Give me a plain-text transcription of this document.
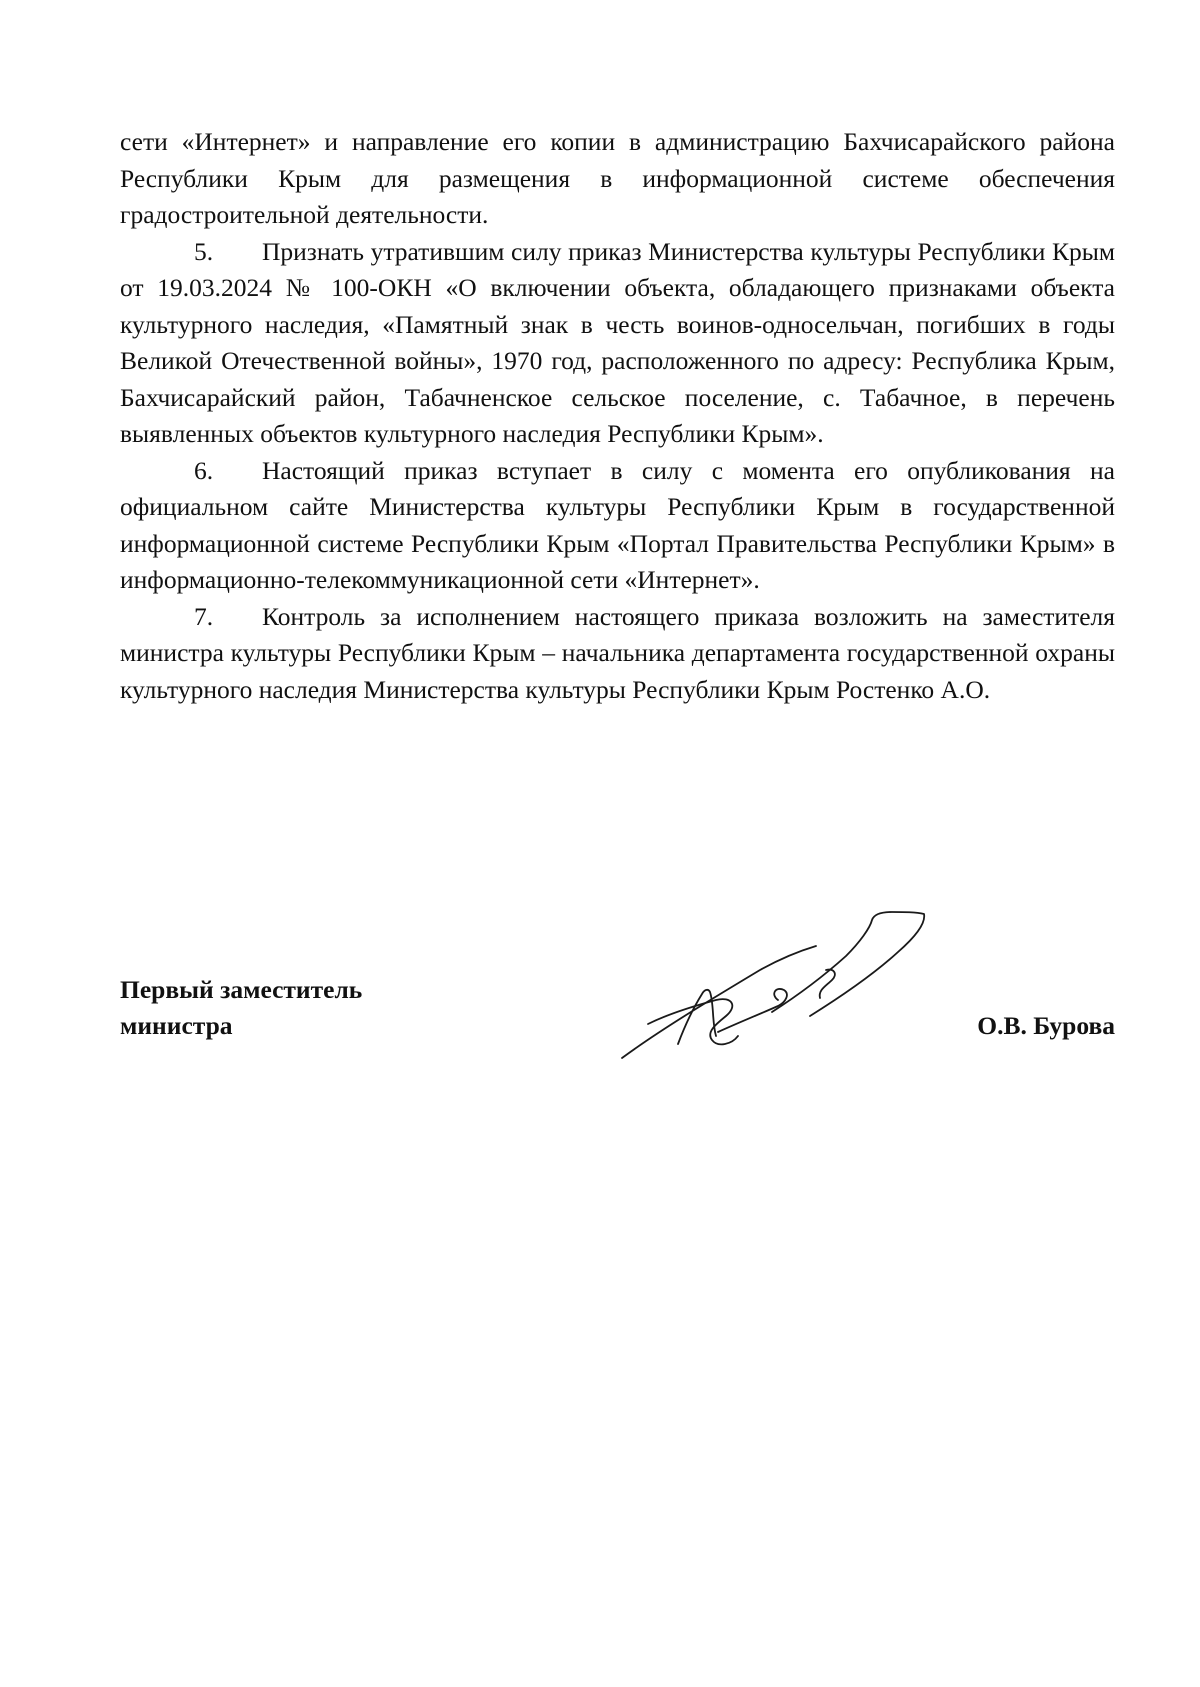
сети «Интернет» и направление его копии в администрацию Бахчисарайского района Республики Крым для размещения в информационной системе обеспечения градостроительной деятельности.

5. Признать утратившим силу приказ Министерства культуры Республики Крым от 19.03.2024 № 100-ОКН «О включении объекта, обладающего признаками объекта культурного наследия, «Памятный знак в честь воинов-односельчан, погибших в годы Великой Отечественной войны», 1970 год, расположенного по адресу: Республика Крым, Бахчисарайский район, Табачненское сельское поселение, с. Табачное, в перечень выявленных объектов культурного наследия Республики Крым».

6. Настоящий приказ вступает в силу с момента его опубликования на официальном сайте Министерства культуры Республики Крым в государственной информационной системе Республики Крым «Портал Правительства Республики Крым» в информационно-телекоммуникационной сети «Интернет».

7. Контроль за исполнением настоящего приказа возложить на заместителя министра культуры Республики Крым – начальника департамента государственной охраны культурного наследия Министерства культуры Республики Крым Ростенко А.О.

Первый заместитель
министра	О.В. Бурова
